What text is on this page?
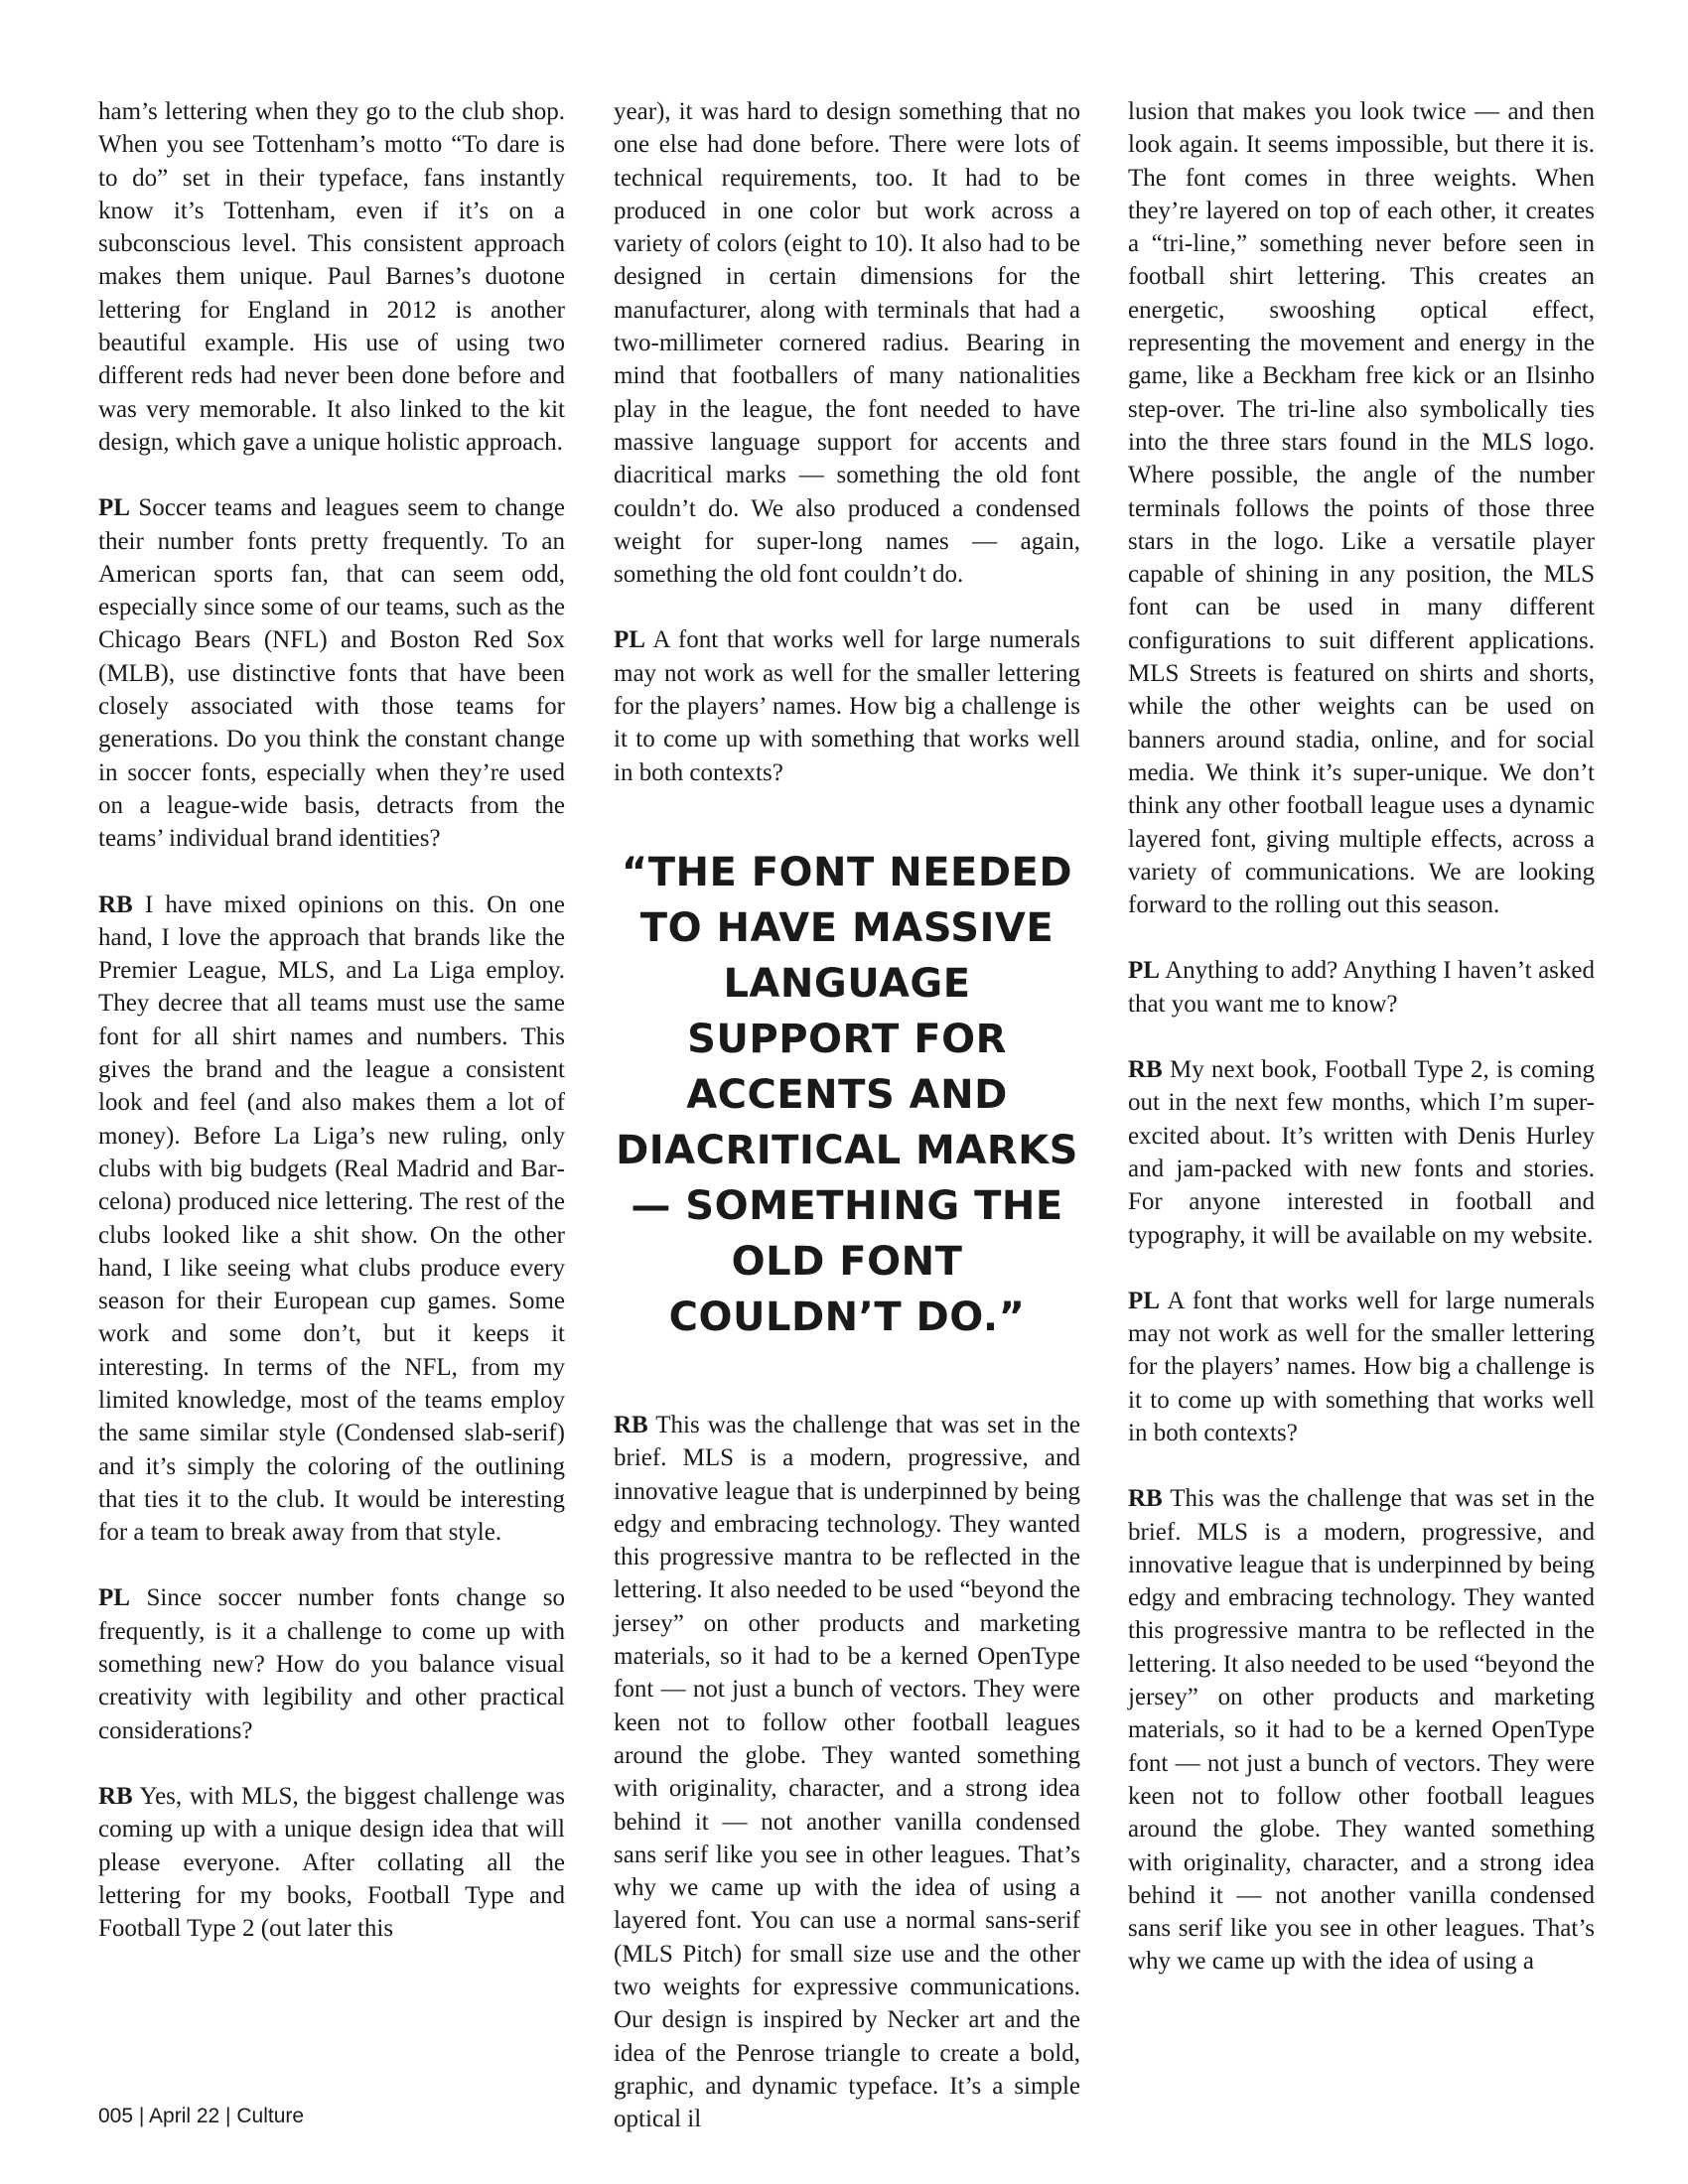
ham’s lettering when they go to the club shop. When you see Tottenham’s motto “To dare is to do” set in their typeface, fans instantly know it’s Tottenham, even if it’s on a subconscious level. This consistent approach makes them unique. Paul Barnes’s duotone lettering for England in 2012 is another beautiful example. His use of using two different reds had never been done before and was very memorable. It also linked to the kit design, which gave a unique holistic approach.

PL Soccer teams and leagues seem to change their number fonts pretty frequently. To an American sports fan, that can seem odd, especially since some of our teams, such as the Chicago Bears (NFL) and Boston Red Sox (MLB), use distinctive fonts that have been closely associated with those teams for generations. Do you think the constant change in soccer fonts, especially when they’re used on a league-wide basis, detracts from the teams’ individual brand identities?

RB I have mixed opinions on this. On one hand, I love the approach that brands like the Premier League, MLS, and La Liga employ. They decree that all teams must use the same font for all shirt names and numbers. This gives the brand and the league a consistent look and feel (and also makes them a lot of money). Before La Liga’s new ruling, only clubs with big budgets (Real Madrid and Barcelona) produced nice lettering. The rest of the clubs looked like a shit show. On the other hand, I like seeing what clubs produce every season for their European cup games. Some work and some don’t, but it keeps it interesting. In terms of the NFL, from my limited knowledge, most of the teams employ the same similar style (Condensed slab-serif) and it’s simply the coloring of the outlining that ties it to the club. It would be interesting for a team to break away from that style.

PL Since soccer number fonts change so frequently, is it a challenge to come up with something new? How do you balance visual creativity with legibility and other practical considerations?

RB Yes, with MLS, the biggest challenge was coming up with a unique design idea that will please everyone. After collating all the lettering for my books, Football Type and Football Type 2 (out later this

year), it was hard to design something that no one else had done before. There were lots of technical requirements, too. It had to be produced in one color but work across a variety of colors (eight to 10). It also had to be designed in certain dimensions for the manufacturer, along with terminals that had a two-millimeter cornered radius. Bearing in mind that footballers of many nationalities play in the league, the font needed to have massive language support for accents and diacritical marks — something the old font couldn’t do. We also produced a condensed weight for super-long names — again, something the old font couldn’t do.

PL A font that works well for large numerals may not work as well for the smaller lettering for the players’ names. How big a challenge is it to come up with something that works well in both contexts?

“THE FONT NEEDED TO HAVE MASSIVE LANGUAGE SUPPORT FOR ACCENTS AND DIACRITICAL MARKS — SOMETHING THE OLD FONT COULDN’T DO.”

RB This was the challenge that was set in the brief. MLS is a modern, progressive, and innovative league that is underpinned by being edgy and embracing technology. They wanted this progressive mantra to be reflected in the lettering. It also needed to be used “beyond the jersey” on other products and marketing materials, so it had to be a kerned OpenType font — not just a bunch of vectors. They were keen not to follow other football leagues around the globe. They wanted something with originality, character, and a strong idea behind it — not another vanilla condensed sans serif like you see in other leagues. That’s why we came up with the idea of using a layered font. You can use a normal sans-serif (MLS Pitch) for small size use and the other two weights for expressive communications. Our design is inspired by Necker art and the idea of the Penrose triangle to create a bold, graphic, and dynamic typeface. It’s a simple optical il

lusion that makes you look twice — and then look again. It seems impossible, but there it is. The font comes in three weights. When they’re layered on top of each other, it creates a “tri-line,” something never before seen in football shirt lettering. This creates an energetic, swooshing optical effect, representing the movement and energy in the game, like a Beckham free kick or an Ilsinho step-over. The tri-line also symbolically ties into the three stars found in the MLS logo. Where possible, the angle of the number terminals follows the points of those three stars in the logo. Like a versatile player capable of shining in any position, the MLS font can be used in many different configurations to suit different applications. MLS Streets is featured on shirts and shorts, while the other weights can be used on banners around stadia, online, and for social media. We think it’s super-unique. We don’t think any other football league uses a dynamic layered font, giving multiple effects, across a variety of communications. We are looking forward to the rolling out this season.

PL Anything to add? Anything I haven’t asked that you want me to know?

RB My next book, Football Type 2, is coming out in the next few months, which I’m super-excited about. It’s written with Denis Hurley and jam-packed with new fonts and stories. For anyone interested in football and typography, it will be available on my website.

PL A font that works well for large numerals may not work as well for the smaller lettering for the players’ names. How big a challenge is it to come up with something that works well in both contexts?

RB This was the challenge that was set in the brief. MLS is a modern, progressive, and innovative league that is underpinned by being edgy and embracing technology. They wanted this progressive mantra to be reflected in the lettering. It also needed to be used “beyond the jersey” on other products and marketing materials, so it had to be a kerned OpenType font — not just a bunch of vectors. They were keen not to follow other football leagues around the globe. They wanted something with originality, character, and a strong idea behind it — not another vanilla condensed sans serif like you see in other leagues. That’s why we came up with the idea of using a

005 | April 22 | Culture
